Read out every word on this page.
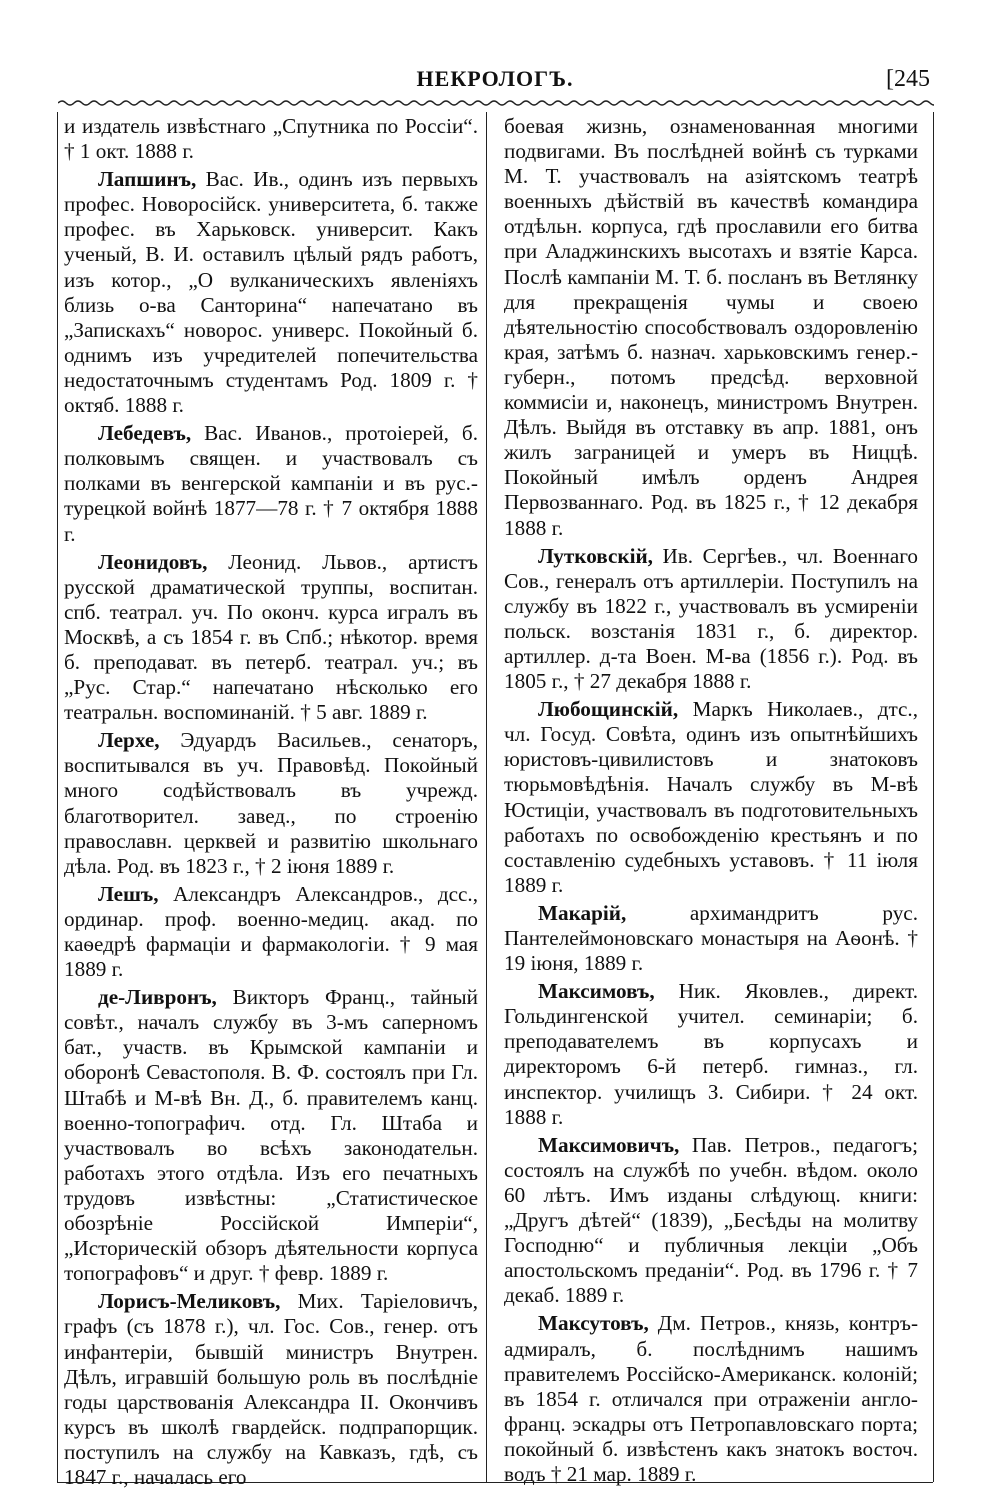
НЕКРОЛОГЪ.	[245

и издатель извѣстнаго „Спутника по Россіи“. † 1 окт. 1888 г.

Лапшинъ, Вас. Ив., одинъ изъ первыхъ профес. Новоросійск. университета, б. также профес. въ Харьковск. университ. Какъ ученый, В. И. оставилъ цѣлый рядъ работъ, изъ котор., „О вулканическихъ явленіяхъ близь о-ва Санторина“ напечатано въ „Запискахъ“ новорос. универс. Покойный б. однимъ изъ учредителей попечительства недостаточнымъ студентамъ Род. 1809 г. † октяб. 1888 г.

Лебедевъ, Вас. Иванов., протоіерей, б. полковымъ священ. и участвовалъ съ полками въ венгерской кампаніи и въ рус.-турецкой войнѣ 1877—78 г. † 7 октября 1888 г.

Леонидовъ, Леонид. Львов., артистъ русской драматической труппы, воспитан. спб. театрал. уч. По оконч. курса игралъ въ Москвѣ, а съ 1854 г. въ Спб.; нѣкотор. время б. преподават. въ петерб. театрал. уч.; въ „Рус. Стар.“ напечатано нѣсколько его театральн. воспоминаній. † 5 авг. 1889 г.

Лерхе, Эдуардъ Васильев., сенаторъ, воспитывался въ уч. Правовѣд. Покойный много содѣйствовалъ въ учрежд. благотворител. завед., по строенію православн. церквей и развитію школьнаго дѣла. Род. въ 1823 г., † 2 іюня 1889 г.

Лешъ, Александръ Александров., дсс., ординар. проф. военно-медиц. акад. по каѳедрѣ фармаціи и фармакологіи. † 9 мая 1889 г.

де-Ливронъ, Викторъ Франц., тайный совѣт., началъ службу въ 3-мъ саперномъ бат., участв. въ Крымской кампаніи и оборонѣ Севастополя. В. Ф. состоялъ при Гл. Штабѣ и М-вѣ Вн. Д., б. правителемъ канц. военно-топографич. отд. Гл. Штаба и участвовалъ во всѣхъ законодательн. работахъ этого отдѣла. Изъ его печатныхъ трудовъ извѣстны: „Статистическое обозрѣніе Россійской Имперіи“, „Историческій обзоръ дѣятельности корпуса топографовъ“ и друг. † февр. 1889 г.

Лорисъ-Меликовъ, Мих. Таріеловичъ, графъ (съ 1878 г.), чл. Гос. Сов., генер. отъ инфантеріи, бывшій министръ Внутрен. Дѣлъ, игравшій большую роль въ послѣдніе годы царствованія Александра II. Окончивъ курсъ въ школѣ гвардейск. подпрапорщик. поступилъ на службу на Кавказъ, гдѣ, съ 1847 г., началась его

боевая жизнь, ознаменованная многими подвигами. Въ послѣдней войнѣ съ турками М. Т. участвовалъ на азіятскомъ театрѣ военныхъ дѣйствій въ качествѣ командира отдѣльн. корпуса, гдѣ прославили его битва при Аладжинскихъ высотахъ и взятіе Карса. Послѣ кампаніи М. Т. б. посланъ въ Ветлянку для прекращенія чумы и своею дѣятельностію способствовалъ оздоровленію края, затѣмъ б. назнач. харьковскимъ генер.-губерн., потомъ предсѣд. верховной коммисіи и, наконецъ, министромъ Внутрен. Дѣлъ. Выйдя въ отставку въ апр. 1881, онъ жилъ заграницей и умеръ въ Ниццѣ. Покойный имѣлъ орденъ Андрея Первозваннаго. Род. въ 1825 г., † 12 декабря 1888 г.

Лутковскій, Ив. Сергѣев., чл. Военнаго Сов., генералъ отъ артиллеріи. Поступилъ на службу въ 1822 г., участвовалъ въ усмиреніи польск. возстанія 1831 г., б. директор. артиллер. д-та Воен. М-ва (1856 г.). Род. въ 1805 г., † 27 декабря 1888 г.

Любощинскій, Маркъ Николаев., дтс., чл. Госуд. Совѣта, одинъ изъ опытнѣйшихъ юристовъ-цивилистовъ и знатоковъ тюрьмовѣдѣнія. Началъ службу въ М-вѣ Юстиціи, участвовалъ въ подготовительныхъ работахъ по освобожденію крестьянъ и по составленію судебныхъ уставовъ. † 11 іюля 1889 г.

Макарій,	архимандритъ рус. Пантелеймоновскаго монастыря на Аѳонѣ. † 19 іюня, 1889 г.

Максимовъ, Ник. Яковлев., директ. Гольдингенской учител. семинаріи; б. преподавателемъ въ корпусахъ и директоромъ 6-й петерб. гимназ., гл. инспектор. училищъ З. Сибири. † 24 окт. 1888 г.

Максимовичъ, Пав. Петров., педагогъ; состоялъ на службѣ по учебн. вѣдом. около 60 лѣтъ. Имъ изданы слѣдующ. книги: „Другъ дѣтей“ (1839), „Бесѣды на молитву Господню“ и публичныя лекціи „Объ апостольскомъ преданіи“. Род. въ 1796 г. † 7 декаб. 1889 г.

Максутовъ, Дм. Петров., князь, контръ-адмиралъ, б. послѣднимъ нашимъ правителемъ Россійско-Американск. колоній; въ 1854 г. отличался при отраженіи англо-франц. эскадры отъ Петропавловскаго порта; покойный б. извѣстенъ какъ знатокъ восточ. водъ † 21 мар. 1889 г.
